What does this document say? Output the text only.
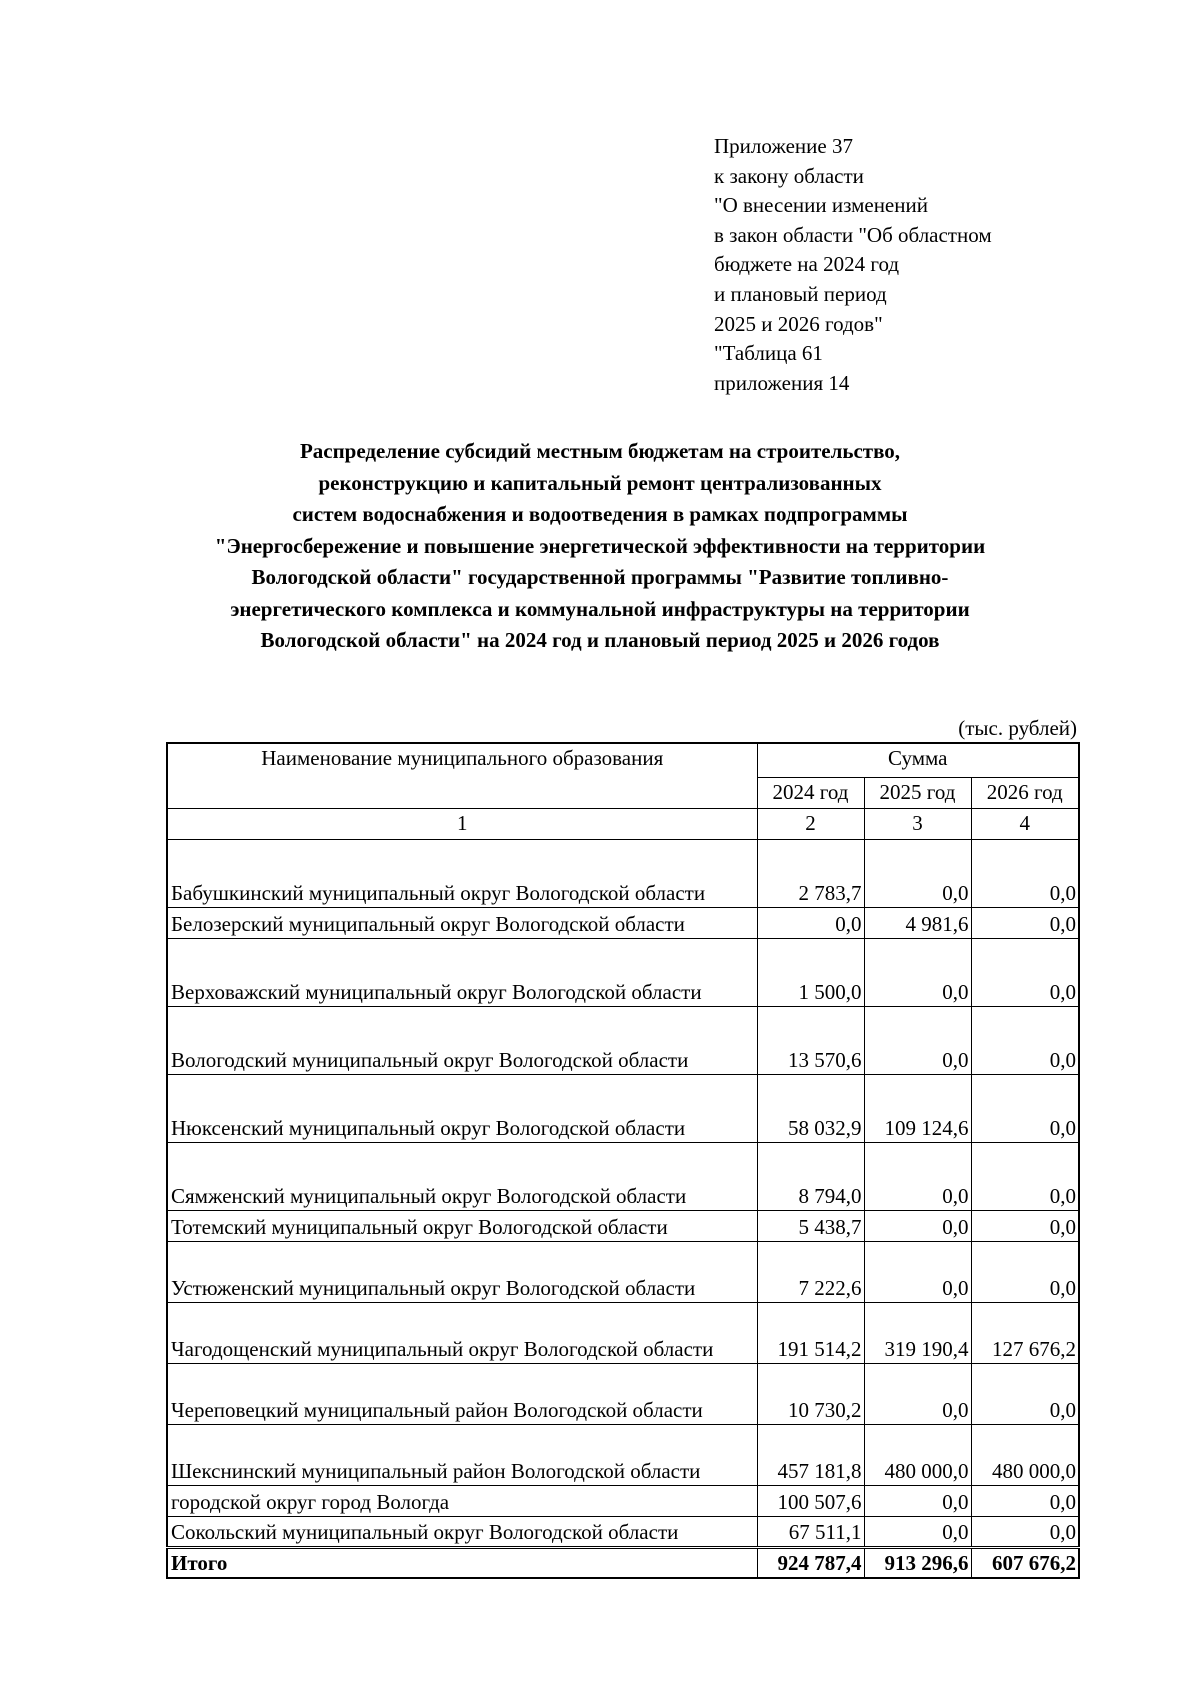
Приложение 37
к закону области
"О внесении изменений
в закон области "Об областном
бюджете на 2024 год
и плановый период
2025 и 2026 годов"
"Таблица 61
приложения 14
Распределение субсидий местным бюджетам на строительство,
реконструкцию и капитальный ремонт централизованных
систем водоснабжения и водоотведения в рамках подпрограммы
"Энергосбережение и повышение энергетической эффективности на территории
Вологодской области" государственной программы "Развитие топливно-
энергетического комплекса и коммунальной инфраструктуры на территории
Вологодской области" на 2024 год и плановый период 2025 и 2026 годов
(тыс. рублей)
Наименование муниципального образования	Сумма		
	2024 год	2025 год	2026 год
1	2	3	4
Бабушкинский муниципальный округ Вологодской области	2 783,7	0,0	0,0
Белозерский муниципальный округ Вологодской области	0,0	4 981,6	0,0
Верховажский муниципальный округ Вологодской области	1 500,0	0,0	0,0
Вологодский муниципальный округ Вологодской области	13 570,6	0,0	0,0
Нюксенский муниципальный округ Вологодской области	58 032,9	109 124,6	0,0
Сямженский муниципальный округ Вологодской области	8 794,0	0,0	0,0
Тотемский муниципальный округ Вологодской области	5 438,7	0,0	0,0
Устюженский муниципальный округ Вологодской области	7 222,6	0,0	0,0
Чагодощенский муниципальный округ Вологодской области	191 514,2	319 190,4	127 676,2
Череповецкий муниципальный район Вологодской области	10 730,2	0,0	0,0
Шекснинский муниципальный район Вологодской области	457 181,8	480 000,0	480 000,0
городской округ город Вологда	100 507,6	0,0	0,0
Сокольский муниципальный округ Вологодской области	67 511,1	0,0	0,0
Итого	924 787,4	913 296,6	607 676,2
